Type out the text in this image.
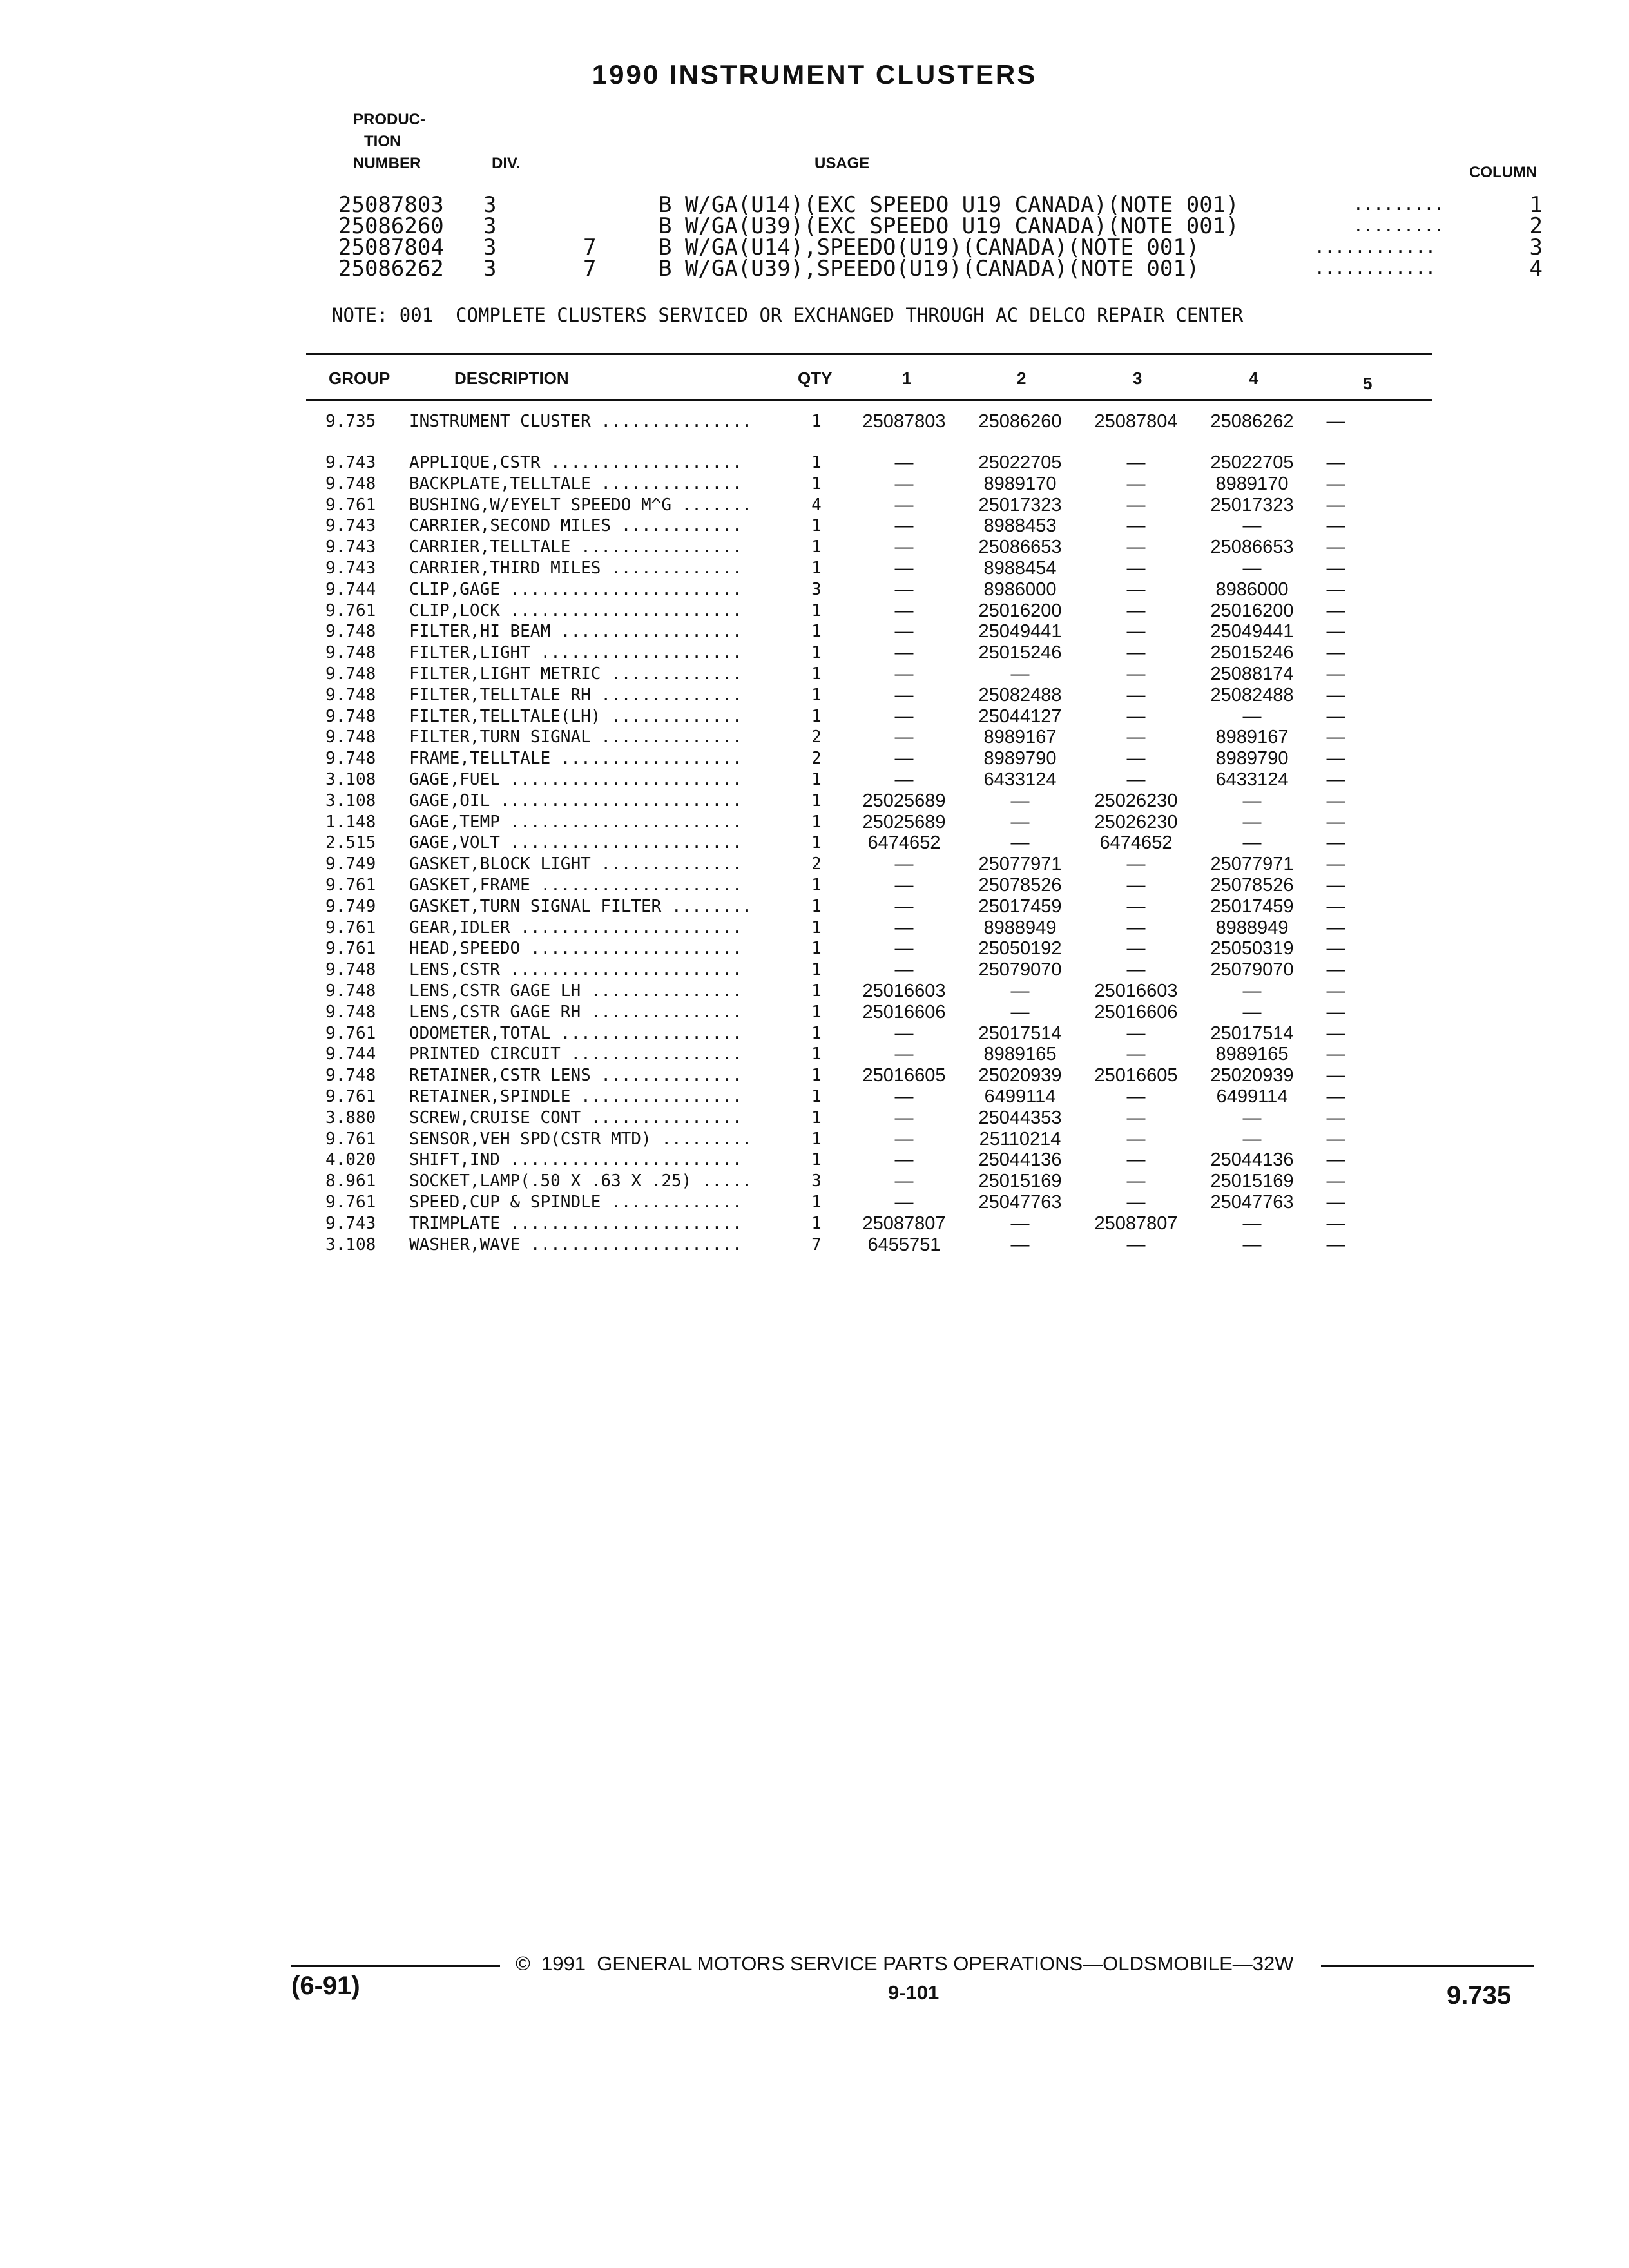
1990 INSTRUMENT CLUSTERS
PRODUC-
TION
NUMBER	DIV.	USAGE
COLUMN
25087803 3	B W/GA(U14)(EXC SPEEDO U19 CANADA)(NOTE 001)	.........	1
25086260 3	B W/GA(U39)(EXC SPEEDO U19 CANADA)(NOTE 001)	.........	2
25087804 3	7	B W/GA(U14),SPEEDO(U19)(CANADA)(NOTE 001)	............	3
25086262 3	7	B W/GA(U39),SPEEDO(U19)(CANADA)(NOTE 001)	............	4
NOTE: 001  COMPLETE CLUSTERS SERVICED OR EXCHANGED THROUGH AC DELCO REPAIR CENTER
GROUP	DESCRIPTION	QTY	1	2	3	4	5
9.735 INSTRUMENT CLUSTER ...............	1	25087803	25086260	25087804	25086262	—
9.743 APPLIQUE,CSTR ...................	1	—	25022705	—	25022705	—
9.748 BACKPLATE,TELLTALE ..............	1	—	8989170	—	8989170	—
9.761 BUSHING,W/EYELT SPEEDO M^G .......	4	—	25017323	—	25017323	—
9.743 CARRIER,SECOND MILES ............	1	—	8988453	—	—	—
9.743 CARRIER,TELLTALE ................	1	—	25086653	—	25086653	—
9.743 CARRIER,THIRD MILES .............	1	—	8988454	—	—	—
9.744 CLIP,GAGE .......................	3	—	8986000	—	8986000	—
9.761 CLIP,LOCK .......................	1	—	25016200	—	25016200	—
9.748 FILTER,HI BEAM ..................	1	—	25049441	—	25049441	—
9.748 FILTER,LIGHT ....................	1	—	25015246	—	25015246	—
9.748 FILTER,LIGHT METRIC .............	1	—	—	—	25088174	—
9.748 FILTER,TELLTALE RH ..............	1	—	25082488	—	25082488	—
9.748 FILTER,TELLTALE(LH) .............	1	—	25044127	—	—	—
9.748 FILTER,TURN SIGNAL ..............	2	—	8989167	—	8989167	—
9.748 FRAME,TELLTALE ..................	2	—	8989790	—	8989790	—
3.108 GAGE,FUEL .......................	1	—	6433124	—	6433124	—
3.108 GAGE,OIL ........................	1	25025689	—	25026230	—	—
1.148 GAGE,TEMP .......................	1	25025689	—	25026230	—	—
2.515 GAGE,VOLT .......................	1	6474652	—	6474652	—	—
9.749 GASKET,BLOCK LIGHT ..............	2	—	25077971	—	25077971	—
9.761 GASKET,FRAME ....................	1	—	25078526	—	25078526	—
9.749 GASKET,TURN SIGNAL FILTER ........	1	—	25017459	—	25017459	—
9.761 GEAR,IDLER ......................	1	—	8988949	—	8988949	—
9.761 HEAD,SPEEDO .....................	1	—	25050192	—	25050319	—
9.748 LENS,CSTR .......................	1	—	25079070	—	25079070	—
9.748 LENS,CSTR GAGE LH ...............	1	25016603	—	25016603	—	—
9.748 LENS,CSTR GAGE RH ...............	1	25016606	—	25016606	—	—
9.761 ODOMETER,TOTAL ..................	1	—	25017514	—	25017514	—
9.744 PRINTED CIRCUIT .................	1	—	8989165	—	8989165	—
9.748 RETAINER,CSTR LENS ..............	1	25016605	25020939	25016605	25020939	—
9.761 RETAINER,SPINDLE ................	1	—	6499114	—	6499114	—
3.880 SCREW,CRUISE CONT ...............	1	—	25044353	—	—	—
9.761 SENSOR,VEH SPD(CSTR MTD) .........	1	—	25110214	—	—	—
4.020 SHIFT,IND .......................	1	—	25044136	—	25044136	—
8.961 SOCKET,LAMP(.50 X .63 X .25) .....	3	—	25015169	—	25015169	—
9.761 SPEED,CUP & SPINDLE .............	1	—	25047763	—	25047763	—
9.743 TRIMPLATE .......................	1	25087807	—	25087807	—	—
3.108 WASHER,WAVE .....................	7	6455751	—	—	—	—
©  1991  GENERAL MOTORS SERVICE PARTS OPERATIONS—OLDSMOBILE—32W
(6-91)	9-101	9.735
